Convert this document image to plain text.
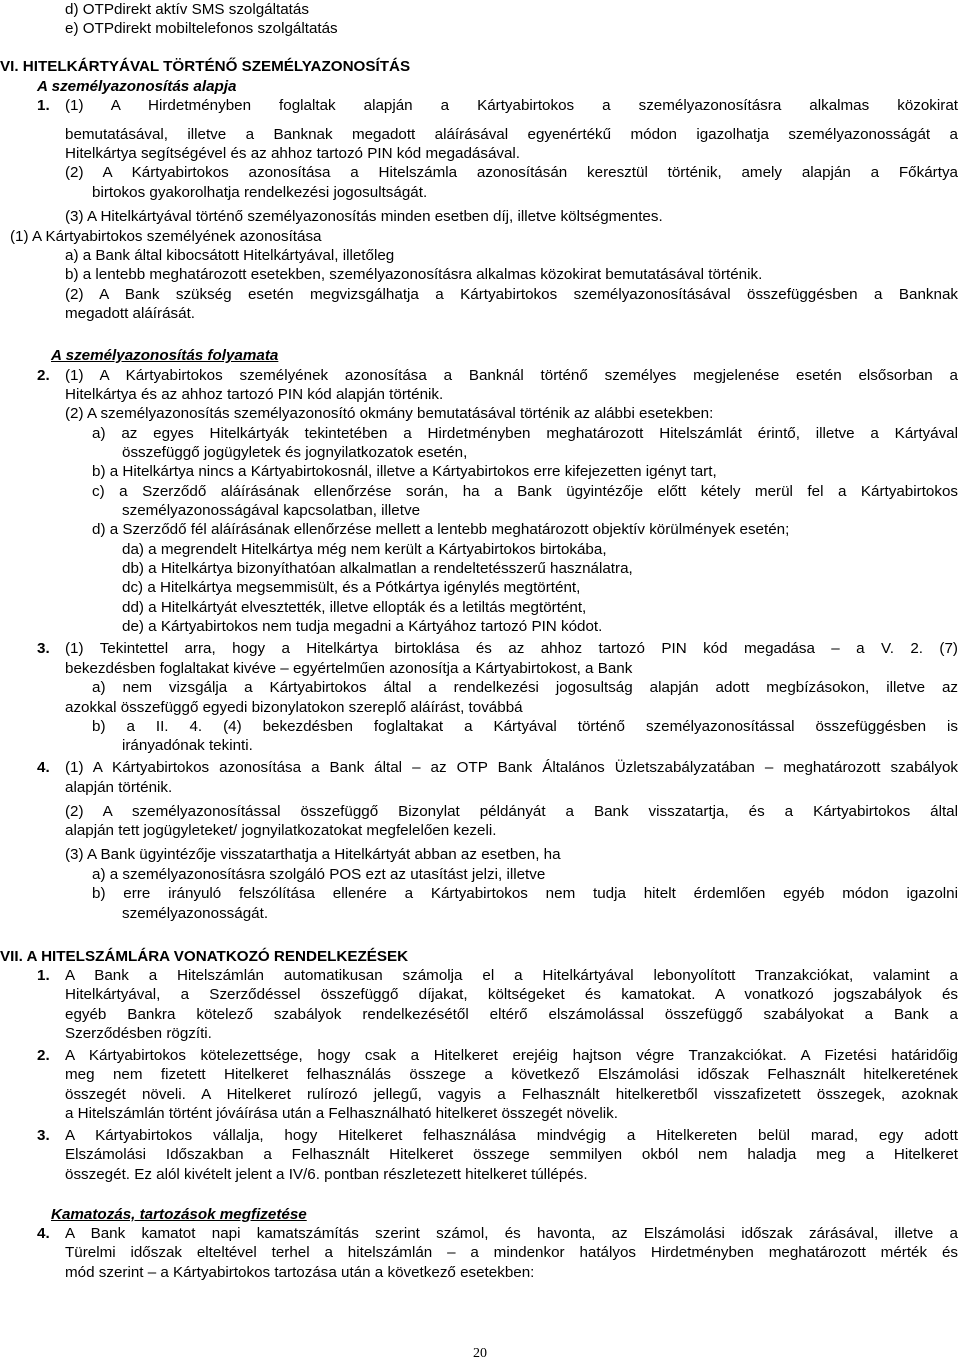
d) OTPdirekt aktív SMS szolgáltatás
e) OTPdirekt mobiltelefonos szolgáltatás
VI. HITELKÁRTYÁVAL TÖRTÉNŐ SZEMÉLYAZONOSÍTÁS
A személyazonosítás alapja
1. (1) A Hirdetményben foglaltak alapján a Kártyabirtokos a személyazonosításra alkalmas közokirat
bemutatásával, illetve a Banknak megadott aláírásával egyenértékű módon igazolhatja személyazonosságát a
Hitelkártya segítségével és az ahhoz tartozó PIN kód megadásával.
(2) A Kártyabirtokos azonosítása a Hitelszámla azonosításán keresztül történik, amely alapján a Főkártya
birtokos gyakorolhatja rendelkezési jogosultságát.
(3) A Hitelkártyával történő személyazonosítás minden esetben díj, illetve költségmentes.
(1) A Kártyabirtokos személyének azonosítása
a) a Bank által kibocsátott Hitelkártyával, illetőleg
b) a lentebb meghatározott esetekben, személyazonosításra alkalmas közokirat bemutatásával történik.
(2) A Bank szükség esetén megvizsgálhatja a Kártyabirtokos személyazonosításával összefüggésben a Banknak
megadott aláírását.
A személyazonosítás folyamata
2. (1) A Kártyabirtokos személyének azonosítása a Banknál történő személyes megjelenése esetén elsősorban a
Hitelkártya és az ahhoz tartozó PIN kód alapján történik.
(2) A személyazonosítás személyazonosító okmány bemutatásával történik az alábbi esetekben:
a) az egyes Hitelkártyák tekintetében a Hirdetményben meghatározott Hitelszámlát érintő, illetve a Kártyával
összefüggő jogügyletek és jognyilatkozatok esetén,
b) a Hitelkártya nincs a Kártyabirtokosnál, illetve a Kártyabirtokos erre kifejezetten igényt tart,
c) a Szerződő aláírásának ellenőrzése során, ha a Bank ügyintézője előtt kétely merül fel a Kártyabirtokos
személyazonosságával kapcsolatban, illetve
d) a Szerződő fél aláírásának ellenőrzése mellett a lentebb meghatározott objektív körülmények esetén;
da) a megrendelt Hitelkártya még nem került a Kártyabirtokos birtokába,
db) a Hitelkártya bizonyíthatóan alkalmatlan a rendeltetésszerű használatra,
dc) a Hitelkártya megsemmisült, és a Pótkártya igénylés megtörtént,
dd) a Hitelkártyát elvesztették, illetve ellopták és a letiltás megtörtént,
de) a Kártyabirtokos nem tudja megadni a Kártyához tartozó PIN kódot.
3. (1) Tekintettel arra, hogy a Hitelkártya birtoklása és az ahhoz tartozó PIN kód megadása – a V. 2. (7)
bekezdésben foglaltakat kivéve – egyértelműen azonosítja a Kártyabirtokost, a Bank
a) nem vizsgálja a Kártyabirtokos által a rendelkezési jogosultság alapján adott megbízásokon, illetve az
azokkal összefüggő egyedi bizonylatokon szereplő aláírást, továbbá
b) a II. 4. (4) bekezdésben foglaltakat a Kártyával történő személyazonosítással összefüggésben is
irányadónak tekinti.
4. (1) A Kártyabirtokos azonosítása a Bank által – az OTP Bank Általános Üzletszabályzatában – meghatározott szabályok
alapján történik.
(2) A személyazonosítással összefüggő Bizonylat példányát a Bank visszatartja, és a Kártyabirtokos által
alapján tett jogügyleteket/ jognyilatkozatokat megfelelően kezeli.
(3) A Bank ügyintézője visszatarthatja a Hitelkártyát abban az esetben, ha
a) a személyazonosításra szolgáló POS ezt az utasítást jelzi, illetve
b) erre irányuló felszólítása ellenére a Kártyabirtokos nem tudja hitelt érdemlően egyéb módon igazolni
személyazonosságát.
VII. A HITELSZÁMLÁRA VONATKOZÓ RENDELKEZÉSEK
1. A Bank a Hitelszámlán automatikusan számolja el a Hitelkártyával lebonyolított Tranzakciókat, valamint a
Hitelkártyával, a Szerződéssel összefüggő díjakat, költségeket és kamatokat. A vonatkozó jogszabályok és
egyéb Bankra kötelező szabályok rendelkezésétől eltérő elszámolással összefüggő szabályokat a Bank a
Szerződésben rögzíti.
2. A Kártyabirtokos kötelezettsége, hogy csak a Hitelkeret erejéig hajtson végre Tranzakciókat. A Fizetési határidőig
meg nem fizetett Hitelkeret felhasználás összege a következő Elszámolási időszak Felhasznált hitelkeretének
összegét növeli. A Hitelkeret rulírozó jellegű, vagyis a Felhasznált hitelkeretből visszafizetett összegek, azoknak
a Hitelszámlán történt jóváírása után a Felhasználható hitelkeret összegét növelik.
3. A Kártyabirtokos vállalja, hogy Hitelkeret felhasználása mindvégig a Hitelkereten belül marad, egy adott
Elszámolási Időszakban a Felhasznált Hitelkeret összege semmilyen okból nem haladja meg a Hitelkeret
összegét. Ez alól kivételt jelent a IV/6. pontban részletezett hitelkeret túllépés.
Kamatozás, tartozások megfizetése
4. A Bank kamatot napi kamatszámítás szerint számol, és havonta, az Elszámolási időszak zárásával, illetve a
Türelmi időszak elteltével terhel a hitelszámlán – a mindenkor hatályos Hirdetményben meghatározott mérték és
mód szerint – a Kártyabirtokos tartozása után a következő esetekben:
20
